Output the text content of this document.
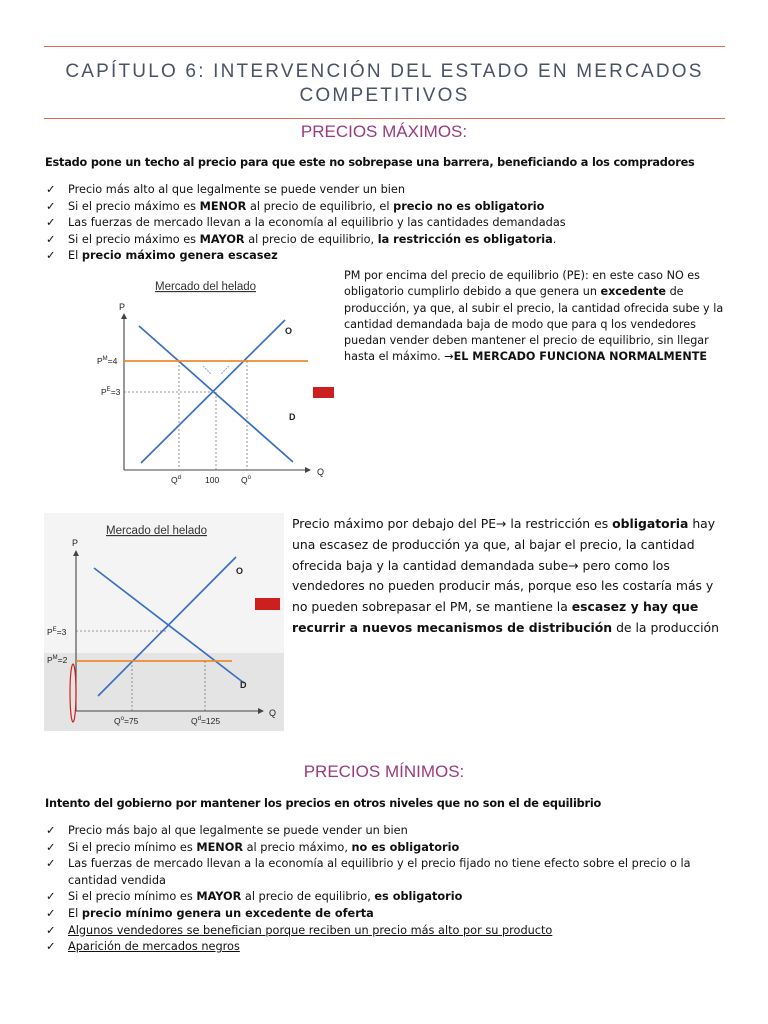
CAPÍTULO 6: INTERVENCIÓN DEL ESTADO EN MERCADOS COMPETITIVOS
PRECIOS MÁXIMOS:
Estado pone un techo al precio para que este no sobrepase una barrera, beneficiando a los compradores
✓ Precio más alto al que legalmente se puede vender un bien
✓ Si el precio máximo es MENOR al precio de equilibrio, el precio no es obligatorio
✓ Las fuerzas de mercado llevan a la economía al equilibrio y las cantidades demandadas
✓ Si el precio máximo es MAYOR al precio de equilibrio, la restricción es obligatoria.
✓ El precio máximo genera escasez
Mercado del helado
P
Q
O
D
$P^M=4$
$P^E=3$
$Q^d$	100	$Q^o$
PM por encima del precio de equilibrio (PE): en este caso NO es obligatorio cumplirlo debido a que genera un excedente de producción, ya que, al subir el precio, la cantidad ofrecida sube y la cantidad demandada baja de modo que para q los vendedores puedan vender deben mantener el precio de equilibrio, sin llegar hasta el máximo. →EL MERCADO FUNCIONA NORMALMENTE
Mercado del helado
P
Q
O
D
$P^E=3$
$P^M=2$
$Q^o=75$	$Q^d=125$
Precio máximo por debajo del PE→ la restricción es obligatoria hay una escasez de producción ya que, al bajar el precio, la cantidad ofrecida baja y la cantidad demandada sube→ pero como los vendedores no pueden producir más, porque eso les costaría más y no pueden sobrepasar el PM, se mantiene la escasez y hay que recurrir a nuevos mecanismos de distribución de la producción
PRECIOS MÍNIMOS:
Intento del gobierno por mantener los precios en otros niveles que no son el de equilibrio
✓ Precio más bajo al que legalmente se puede vender un bien
✓ Si el precio mínimo es MENOR al precio máximo, no es obligatorio
✓ Las fuerzas de mercado llevan a la economía al equilibrio y el precio fijado no tiene efecto sobre el precio o la cantidad vendida
✓ Si el precio mínimo es MAYOR al precio de equilibrio, es obligatorio
✓ El precio mínimo genera un excedente de oferta
✓ Algunos vendedores se benefician porque reciben un precio más alto por su producto
✓ Aparición de mercados negros
